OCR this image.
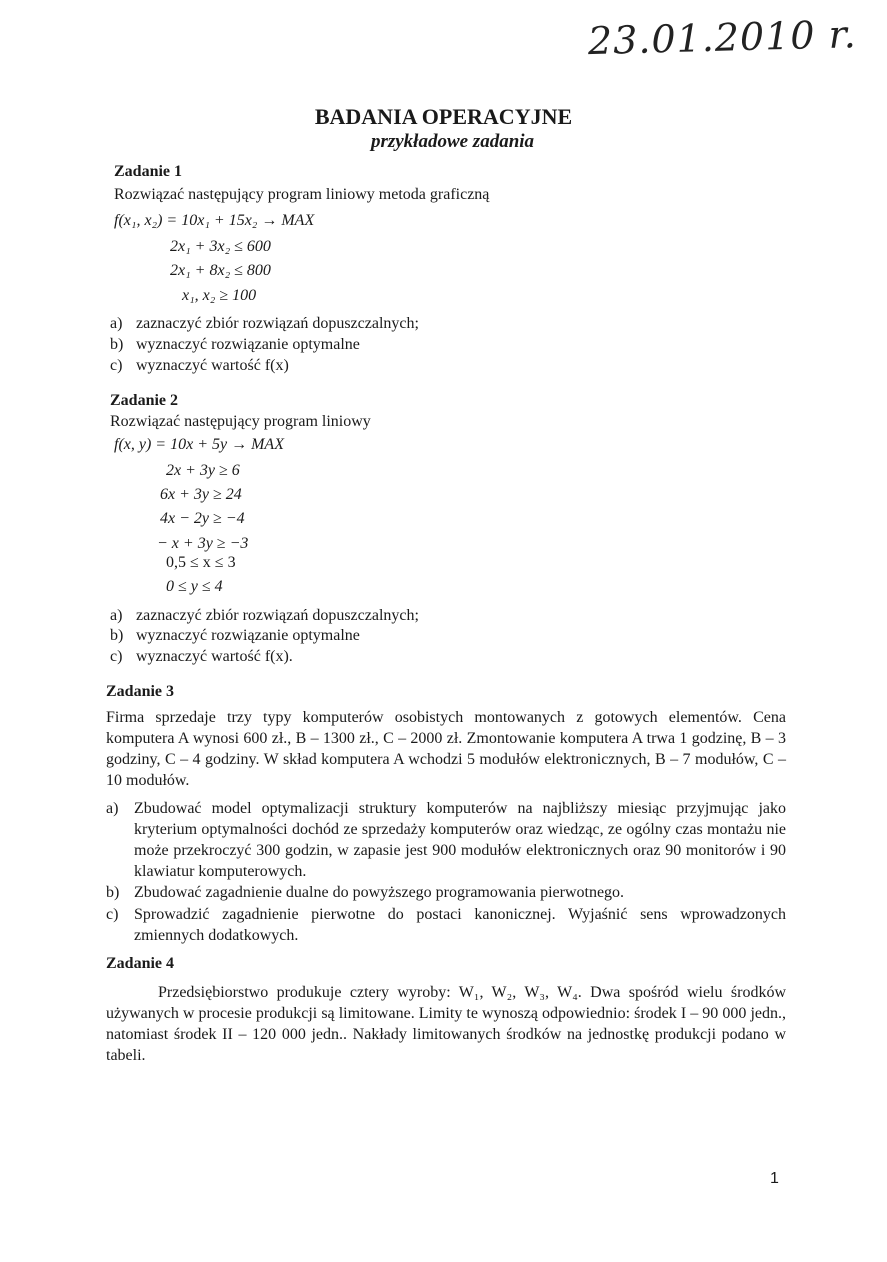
23.01.2010 r.
BADANIA OPERACYJNE
przykładowe zadania
Zadanie 1
Rozwiązać następujący program liniowy metoda graficzną
f(x₁, x₂) = 10x₁ + 15x₂ → MAX
2x₁ + 3x₂ ≤ 600
2x₁ + 8x₂ ≤ 800
x₁, x₂ ≥ 100
a) zaznaczyć zbiór rozwiązań dopuszczalnych;
b) wyznaczyć rozwiązanie optymalne
c) wyznaczyć wartość f(x)
Zadanie 2
Rozwiązać następujący program liniowy
f(x, y) = 10x + 5y → MAX
2x + 3y ≥ 6
6x + 3y ≥ 24
4x − 2y ≥ −4
− x + 3y ≥ −3
0,5 ≤ x ≤ 3
0 ≤ y ≤ 4
a) zaznaczyć zbiór rozwiązań dopuszczalnych;
b) wyznaczyć rozwiązanie optymalne
c) wyznaczyć wartość f(x).
Zadanie 3
Firma sprzedaje trzy typy komputerów osobistych montowanych z gotowych elementów. Cena komputera A wynosi 600 zł., B – 1300 zł., C – 2000 zł. Zmontowanie komputera A trwa 1 godzinę, B – 3 godziny, C – 4 godziny. W skład komputera A wchodzi 5 modułów elektronicznych, B – 7 modułów, C – 10 modułów.
a) Zbudować model optymalizacji struktury komputerów na najbliższy miesiąc przyjmując jako kryterium optymalności dochód ze sprzedaży komputerów oraz wiedząc, ze ogólny czas montażu nie może przekroczyć 300 godzin, w zapasie jest 900 modułów elektronicznych oraz 90 monitorów i 90 klawiatur komputerowych.
b) Zbudować zagadnienie dualne do powyższego programowania pierwotnego.
c) Sprowadzić zagadnienie pierwotne do postaci kanonicznej. Wyjaśnić sens wprowadzonych zmiennych dodatkowych.
Zadanie 4
Przedsiębiorstwo produkuje cztery wyroby: W₁, W₂, W₃, W₄. Dwa spośród wielu środków używanych w procesie produkcji są limitowane. Limity te wynoszą odpowiednio: środek I – 90 000 jedn., natomiast środek II – 120 000 jedn.. Nakłady limitowanych środków na jednostkę produkcji podano w tabeli.
1
